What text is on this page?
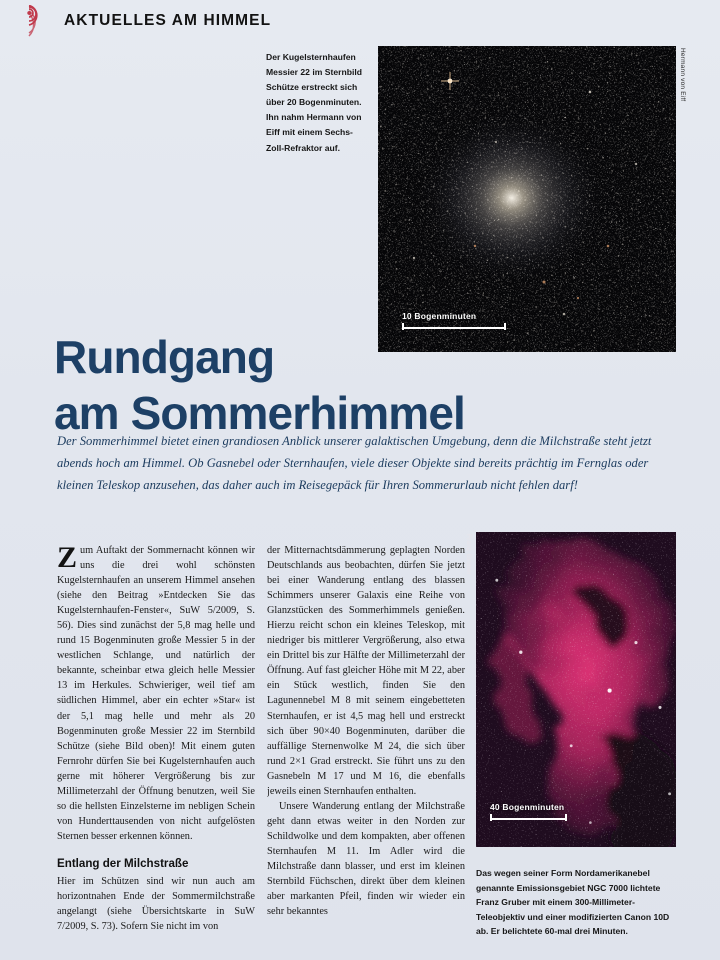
AKTUELLES AM HIMMEL
10 Bogenminuten
Hermann von Eiff
Der Kugelsternhaufen Messier 22 im Sternbild Schütze erstreckt sich über 20 Bogenminuten. Ihn nahm Hermann von Eiff mit einem Sechs-Zoll-Refraktor auf.
Rundgang
am Sommerhimmel
Der Sommerhimmel bietet einen grandiosen Anblick unserer galaktischen Umgebung, denn die Milchstraße steht jetzt abends hoch am Himmel. Ob Gasnebel oder Sternhaufen, viele dieser Objekte sind bereits prächtig im Fernglas oder kleinen Teleskop anzusehen, das daher auch im Reisegepäck für Ihren Sommerurlaub nicht fehlen darf!

Zum Auftakt der Sommernacht können wir uns die drei wohl schönsten Kugelsternhaufen an unserem Himmel ansehen (siehe den Beitrag »Entdecken Sie das Kugelsternhaufen-Fenster«, SuW 5/2009, S. 56). Dies sind zunächst der 5,8 mag helle und rund 15 Bogenminuten große Messier 5 in der westlichen Schlange, und natürlich der bekannte, scheinbar etwa gleich helle Messier 13 im Herkules. Schwieriger, weil tief am südlichen Himmel, aber ein echter »Star« ist der 5,1 mag helle und mehr als 20 Bogenminuten große Messier 22 im Sternbild Schütze (siehe Bild oben)! Mit einem guten Fernrohr dürfen Sie bei Kugelsternhaufen auch gerne mit höherer Vergrößerung bis zur Millimeterzahl der Öffnung benutzen, weil Sie so die hellsten Einzelsterne im nebligen Schein von Hunderttausenden von nicht aufgelösten Sternen besser erkennen können.

Entlang der Milchstraße

Hier im Schützen sind wir nun auch am horizontnahen Ende der Sommermilchstraße angelangt (siehe Übersichtskarte in SuW 7/2009, S. 73). Sofern Sie nicht im von

der Mitternachtsdämmerung geplagten Norden Deutschlands aus beobachten, dürfen Sie jetzt bei einer Wanderung entlang des blassen Schimmers unserer Galaxis eine Reihe von Glanzstücken des Sommerhimmels genießen. Hierzu reicht schon ein kleines Teleskop, mit niedriger bis mittlerer Vergrößerung, also etwa ein Drittel bis zur Hälfte der Millimeterzahl der Öffnung. Auf fast gleicher Höhe mit M 22, aber ein Stück westlich, finden Sie den Lagunennebel M 8 mit seinem eingebetteten Sternhaufen, er ist 4,5 mag hell und erstreckt sich über 90×40 Bogenminuten, darüber die auffällige Sternenwolke M 24, die sich über rund 2×1 Grad erstreckt. Sie führt uns zu den Gasnebeln M 17 und M 16, die ebenfalls jeweils einen Sternhaufen enthalten.

Unsere Wanderung entlang der Milchstraße geht dann etwas weiter in den Norden zur Schildwolke und dem kompakten, aber offenen Sternhaufen M 11. Im Adler wird die Milchstraße dann blasser, und erst im kleinen Sternbild Füchschen, direkt über dem kleinen aber markanten Pfeil, finden wir wieder ein sehr bekanntes

40 Bogenminuten
Franz Gruber
Das wegen seiner Form Nordamerikanebel genannte Emissionsgebiet NGC 7000 lichtete Franz Gruber mit einem 300-Millimeter-Teleobjektiv und einer modifizierten Canon 10D ab. Er belichtete 60-mal drei Minuten.
